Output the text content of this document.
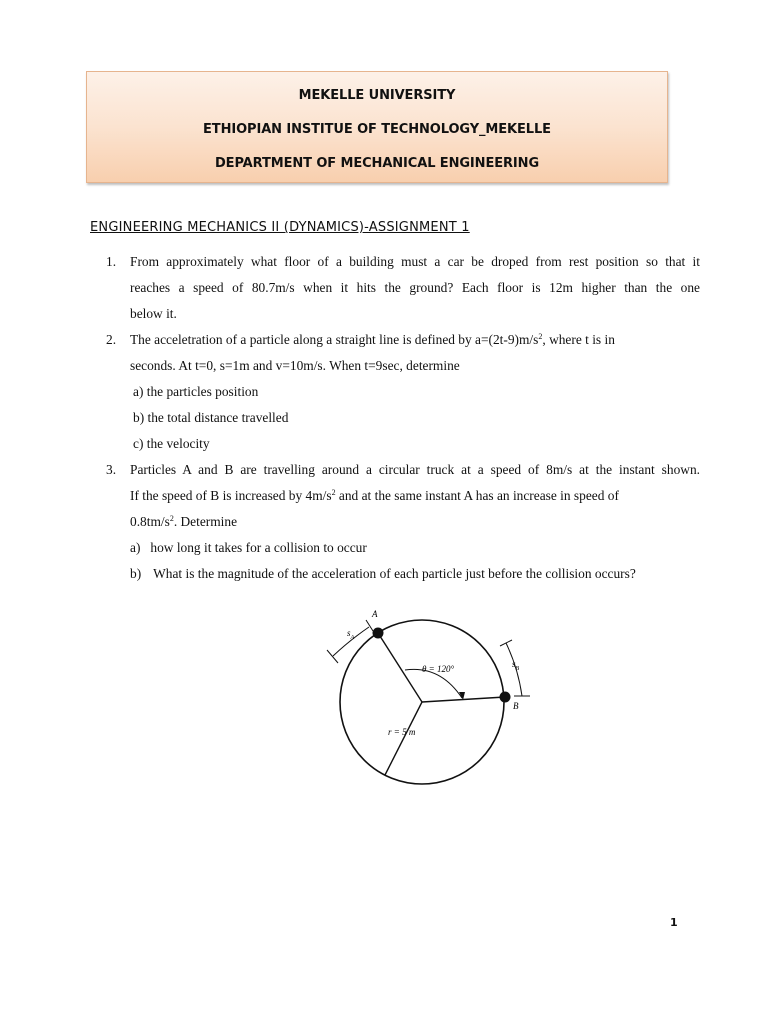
MEKELLE UNIVERSITY
ETHIOPIAN INSTITUE OF TECHNOLOGY_MEKELLE
DEPARTMENT OF MECHANICAL ENGINEERING
ENGINEERING MECHANICS II (DYNAMICS)-ASSIGNMENT 1
1. From approximately what floor of a building must a car be droped from rest position so that it
reaches a speed of 80.7m/s when it hits the ground? Each floor is 12m higher than the one
below it.
2. The acceletration of a particle along a straight line is defined by $a=(2t-9)m/s^2$, where t is in
seconds. At t=0, s=1m and v=10m/s. When t=9sec, determine
a) the particles position
b) the total distance travelled
c) the velocity
3. Particles A and B are travelling around a circular truck at a speed of 8m/s at the instant shown.
If the speed of B is increased by $4m/s^2$ and at the same instant A has an increase in speed of
$0.8tm/s^2$. Determine
a) how long it takes for a collision to occur
b) What is the magnitude of the acceleration of each particle just before the collision occurs?
A
B
$s_A$
$s_B$
θ = 120°
r = 5 m
1
